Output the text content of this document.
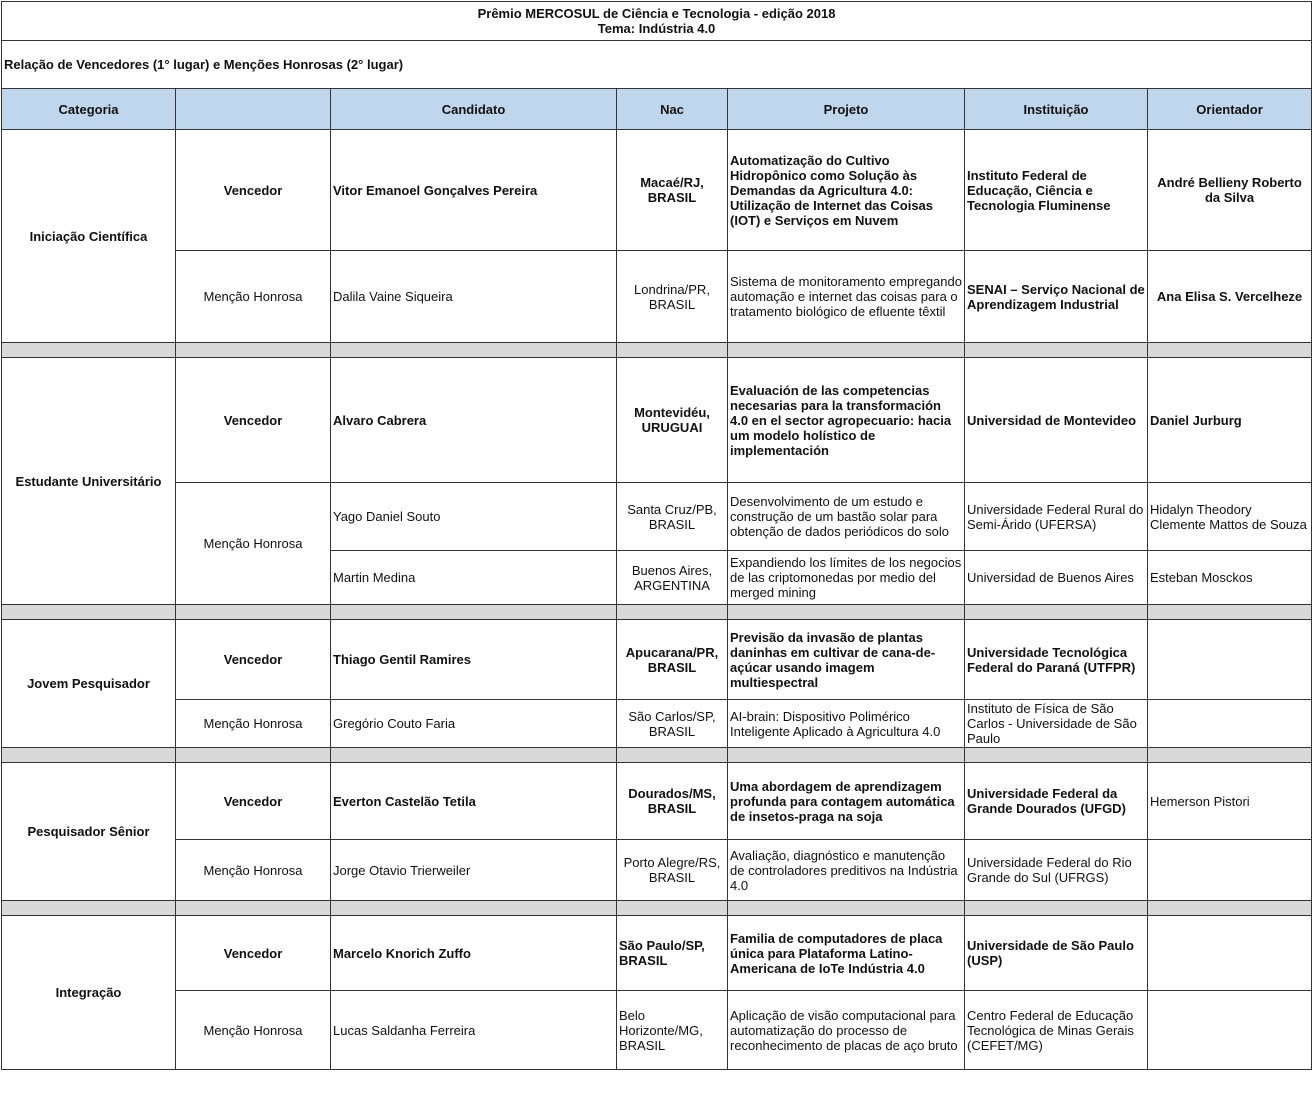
Prêmio MERCOSUL de Ciência e Tecnologia - edição 2018
Tema: Indústria 4.0						

Relação de Vencedores (1° lugar) e Menções Honrosas (2° lugar)						
Categoria		Candidato	Nac	Projeto	Instituição	Orientador
Iniciação Científica	Vencedor	Vitor Emanoel Gonçalves Pereira	Macaé/RJ, BRASIL	Automatização do Cultivo Hidropônico como Solução às Demandas da Agricultura 4.0: Utilização de Internet das Coisas (IOT) e Serviços em Nuvem	Instituto Federal de Educação, Ciência e Tecnologia Fluminense	André Bellieny Roberto da Silva
	Menção Honrosa	Dalila Vaine Siqueira	Londrina/PR, BRASIL	Sistema de monitoramento empregando automação e internet das coisas para o tratamento biológico de efluente têxtil	SENAI – Serviço Nacional de Aprendizagem Industrial	Ana Elisa S. Vercelheze

Estudante Universitário	Vencedor	Alvaro Cabrera	Montevidéu, URUGUAI	Evaluación de las competencias necesarias para la transformación 4.0 en el sector agropecuario: hacia um modelo holístico de implementación	Universidad de Montevideo	Daniel Jurburg
	Menção Honrosa	Yago Daniel Souto	Santa Cruz/PB, BRASIL	Desenvolvimento de um estudo e construção de um bastão solar para obtenção de dados periódicos do solo	Universidade Federal Rural do Semi-Árido (UFERSA)	Hidalyn Theodory Clemente Mattos de Souza
		Martin Medina	Buenos Aires, ARGENTINA	Expandiendo los límites de los negocios de las criptomonedas por medio del merged mining	Universidad de Buenos Aires	Esteban Mosckos

Jovem Pesquisador	Vencedor	Thiago Gentil Ramires	Apucarana/PR, BRASIL	Previsão da invasão de plantas daninhas em cultivar de cana-de-açúcar usando imagem multiespectral	Universidade Tecnológica Federal do Paraná (UTFPR)	
	Menção Honrosa	Gregório Couto Faria	São Carlos/SP, BRASIL	AI-brain: Dispositivo Polimérico Inteligente Aplicado à Agricultura 4.0	Instituto de Física de São Carlos - Universidade de São Paulo	

Pesquisador Sênior	Vencedor	Everton Castelão Tetila	Dourados/MS, BRASIL	Uma abordagem de aprendizagem profunda para contagem automática de insetos-praga na soja	Universidade Federal da Grande Dourados (UFGD)	Hemerson Pistori
	Menção Honrosa	Jorge Otavio Trierweiler	Porto Alegre/RS, BRASIL	Avaliação, diagnóstico e manutenção de controladores preditivos na Indústria 4.0	Universidade Federal do Rio Grande do Sul (UFRGS)	

Integração	Vencedor	Marcelo Knorich Zuffo	São Paulo/SP, BRASIL	Familia de computadores de placa única para Plataforma Latino-Americana de IoTe Indústria 4.0	Universidade de São Paulo (USP)	
	Menção Honrosa	Lucas Saldanha Ferreira	Belo Horizonte/MG, BRASIL	Aplicação de visão computacional para automatização do processo de reconhecimento de placas de aço bruto	Centro Federal de Educação Tecnológica de Minas Gerais (CEFET/MG)	
